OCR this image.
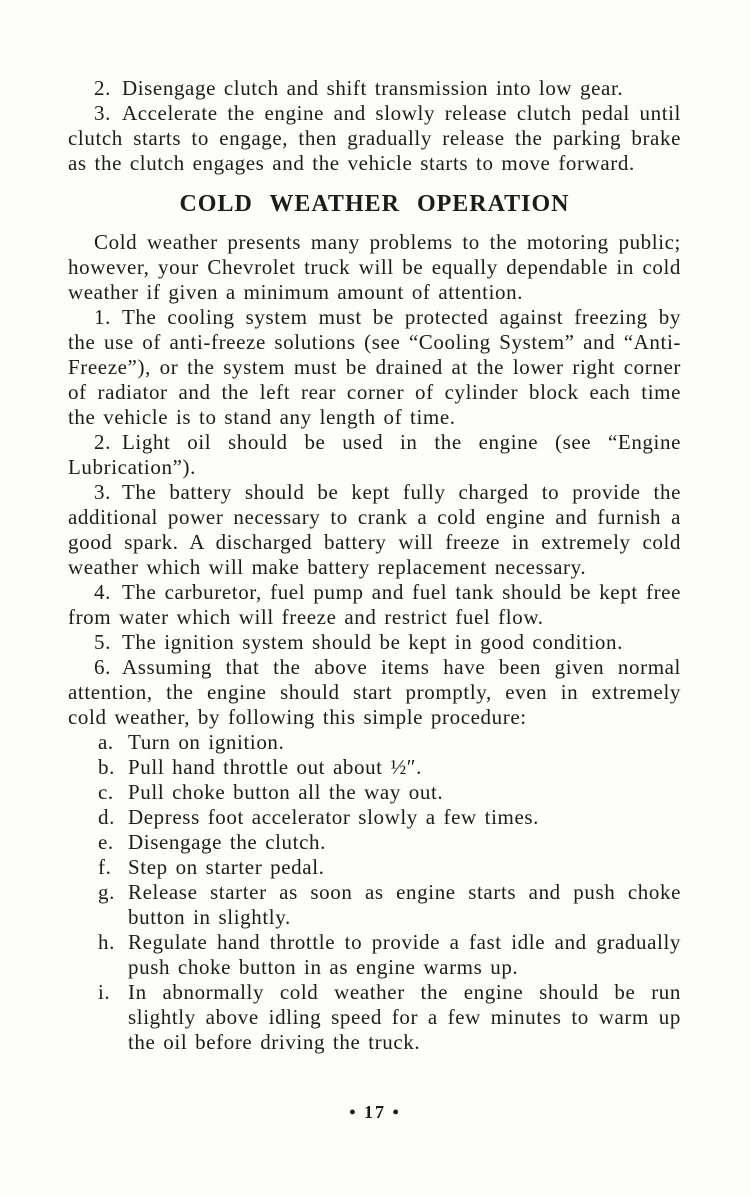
2. Disengage clutch and shift transmission into low gear.

3. Accelerate the engine and slowly release clutch pedal until clutch starts to engage, then gradually release the parking brake as the clutch engages and the vehicle starts to move forward.

COLD WEATHER OPERATION

Cold weather presents many problems to the motoring public; however, your Chevrolet truck will be equally dependable in cold weather if given a minimum amount of attention.

1. The cooling system must be protected against freezing by the use of anti-freeze solutions (see “Cooling System” and “Anti-Freeze”), or the system must be drained at the lower right corner of radiator and the left rear corner of cylinder block each time the vehicle is to stand any length of time.

2. Light oil should be used in the engine (see “Engine Lubrication”).

3. The battery should be kept fully charged to provide the additional power necessary to crank a cold engine and furnish a good spark. A discharged battery will freeze in extremely cold weather which will make battery replacement necessary.

4. The carburetor, fuel pump and fuel tank should be kept free from water which will freeze and restrict fuel flow.

5. The ignition system should be kept in good condition.

6. Assuming that the above items have been given normal attention, the engine should start promptly, even in extremely cold weather, by following this simple procedure:

a. Turn on ignition.
b. Pull hand throttle out about ½″.
c. Pull choke button all the way out.
d. Depress foot accelerator slowly a few times.
e. Disengage the clutch.
f. Step on starter pedal.
g. Release starter as soon as engine starts and push choke button in slightly.
h. Regulate hand throttle to provide a fast idle and gradually push choke button in as engine warms up.
i. In abnormally cold weather the engine should be run slightly above idling speed for a few minutes to warm up the oil before driving the truck.
• 17 •
